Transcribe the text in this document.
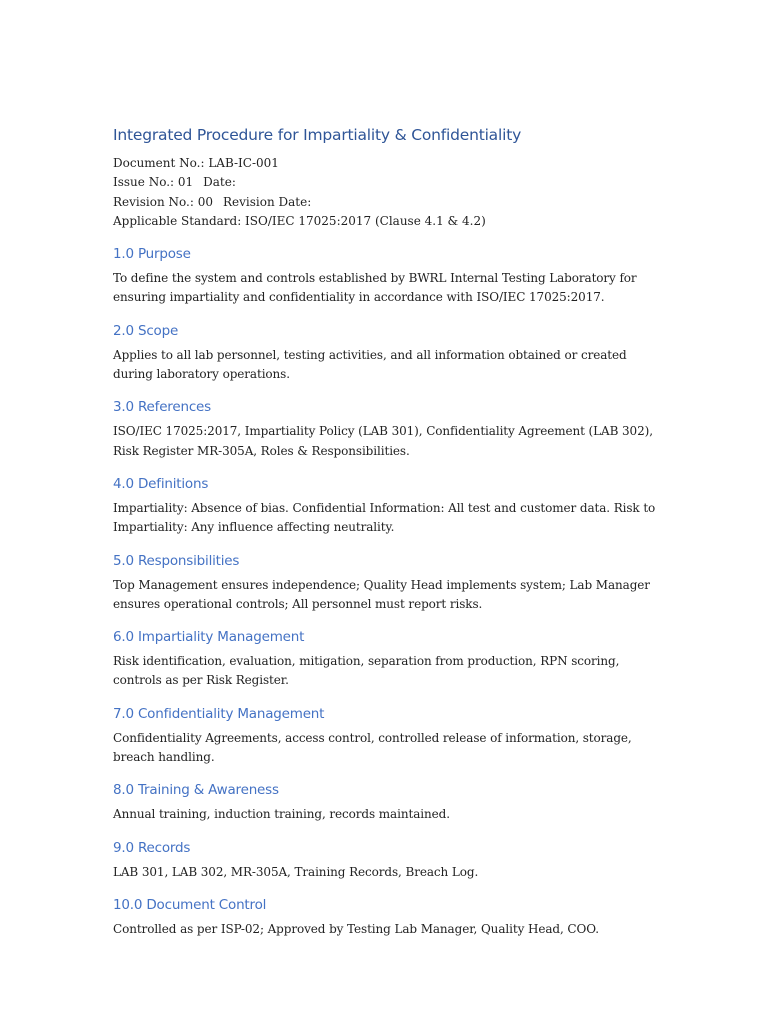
Integrated Procedure for Impartiality & Confidentiality

Document No.: LAB-IC-001

Issue No.: 01 Date:

Revision No.: 00 Revision Date:

Applicable Standard: ISO/IEC 17025:2017 (Clause 4.1 & 4.2)

1.0 Purpose

To define the system and controls established by BWRL Internal Testing Laboratory for ensuring impartiality and confidentiality in accordance with ISO/IEC 17025:2017.

2.0 Scope

Applies to all lab personnel, testing activities, and all information obtained or created during laboratory operations.

3.0 References

ISO/IEC 17025:2017, Impartiality Policy (LAB 301), Confidentiality Agreement (LAB 302), Risk Register MR-305A, Roles & Responsibilities.

4.0 Definitions

Impartiality: Absence of bias. Confidential Information: All test and customer data. Risk to Impartiality: Any influence affecting neutrality.

5.0 Responsibilities

Top Management ensures independence; Quality Head implements system; Lab Manager ensures operational controls; All personnel must report risks.

6.0 Impartiality Management

Risk identification, evaluation, mitigation, separation from production, RPN scoring, controls as per Risk Register.

7.0 Confidentiality Management

Confidentiality Agreements, access control, controlled release of information, storage, breach handling.

8.0 Training & Awareness

Annual training, induction training, records maintained.

9.0 Records

LAB 301, LAB 302, MR-305A, Training Records, Breach Log.

10.0 Document Control

Controlled as per ISP-02; Approved by Testing Lab Manager, Quality Head, COO.
